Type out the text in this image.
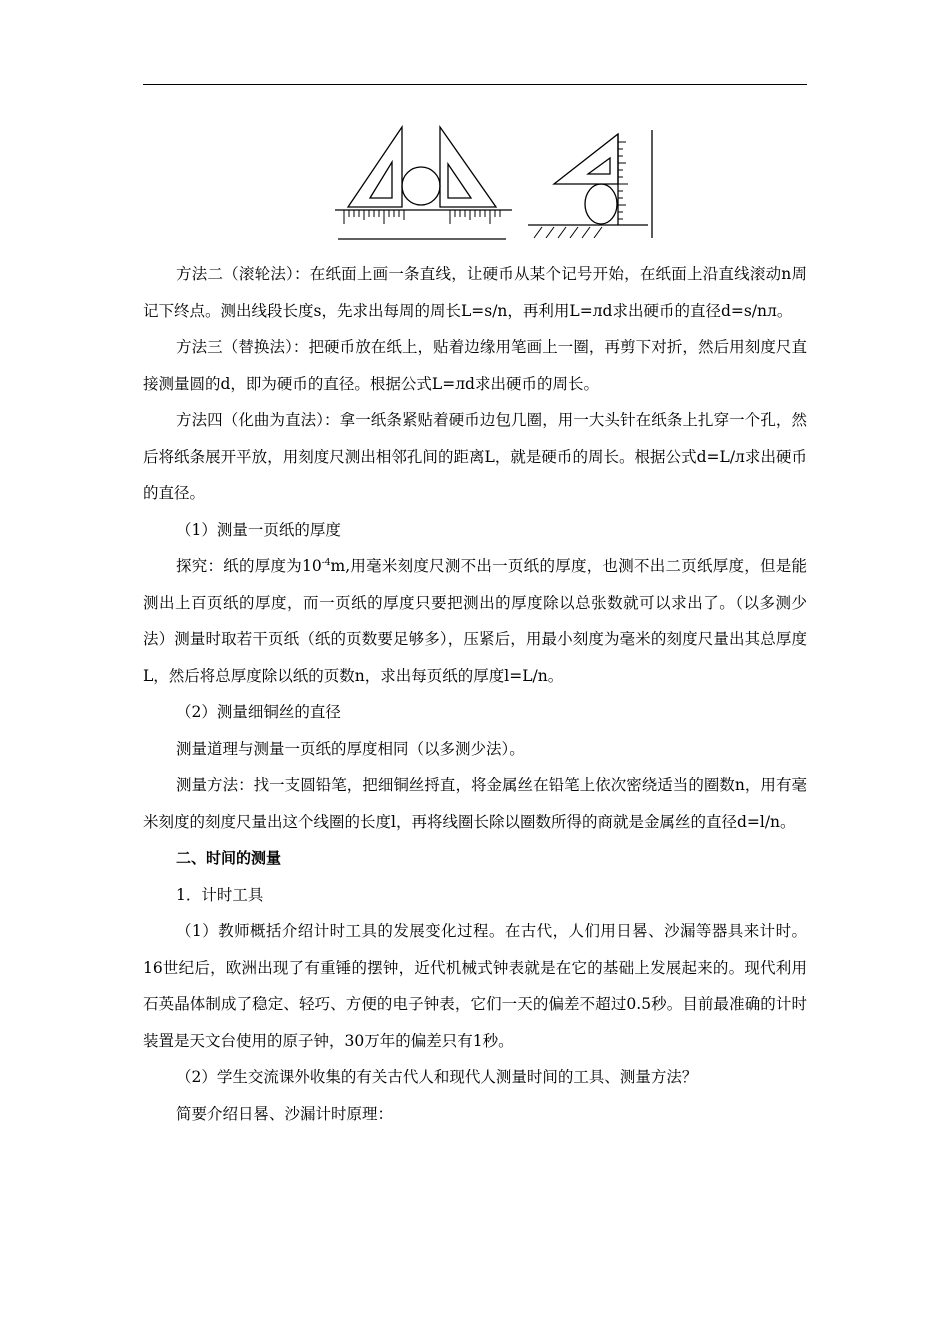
方法二（滚轮法）：在纸面上画一条直线，让硬币从某个记号开始，在纸面上沿直线滚动n周记下终点。测出线段长度s，先求出每周的周长L=s/n，再利用L=лd求出硬币的直径d=s/nл。

方法三（替换法）：把硬币放在纸上，贴着边缘用笔画上一圈，再剪下对折，然后用刻度尺直接测量圆的d，即为硬币的直径。根据公式L=лd求出硬币的周长。

方法四（化曲为直法）：拿一纸条紧贴着硬币边包几圈，用一大头针在纸条上扎穿一个孔，然后将纸条展开平放，用刻度尺测出相邻孔间的距离L，就是硬币的周长。根据公式d=L/л求出硬币的直径。

（1）测量一页纸的厚度

探究：纸的厚度为$10^{-4}m$,用毫米刻度尺测不出一页纸的厚度，也测不出二页纸厚度，但是能测出上百页纸的厚度，而一页纸的厚度只要把测出的厚度除以总张数就可以求出了。（以多测少法）测量时取若干页纸（纸的页数要足够多），压紧后，用最小刻度为毫米的刻度尺量出其总厚度L，然后将总厚度除以纸的页数n，求出每页纸的厚度l=L/n。

（2）测量细铜丝的直径

测量道理与测量一页纸的厚度相同（以多测少法）。

测量方法：找一支圆铅笔，把细铜丝捋直，将金属丝在铅笔上依次密绕适当的圈数n，用有毫米刻度的刻度尺量出这个线圈的长度l，再将线圈长除以圈数所得的商就是金属丝的直径d=l/n。

二、时间的测量

1．计时工具

（1）教师概括介绍计时工具的发展变化过程。在古代，人们用日晷、沙漏等器具来计时。16世纪后，欧洲出现了有重锤的摆钟，近代机械式钟表就是在它的基础上发展起来的。现代利用石英晶体制成了稳定、轻巧、方便的电子钟表，它们一天的偏差不超过0.5秒。目前最准确的计时装置是天文台使用的原子钟，30万年的偏差只有1秒。

（2）学生交流课外收集的有关古代人和现代人测量时间的工具、测量方法？

简要介绍日晷、沙漏计时原理：
